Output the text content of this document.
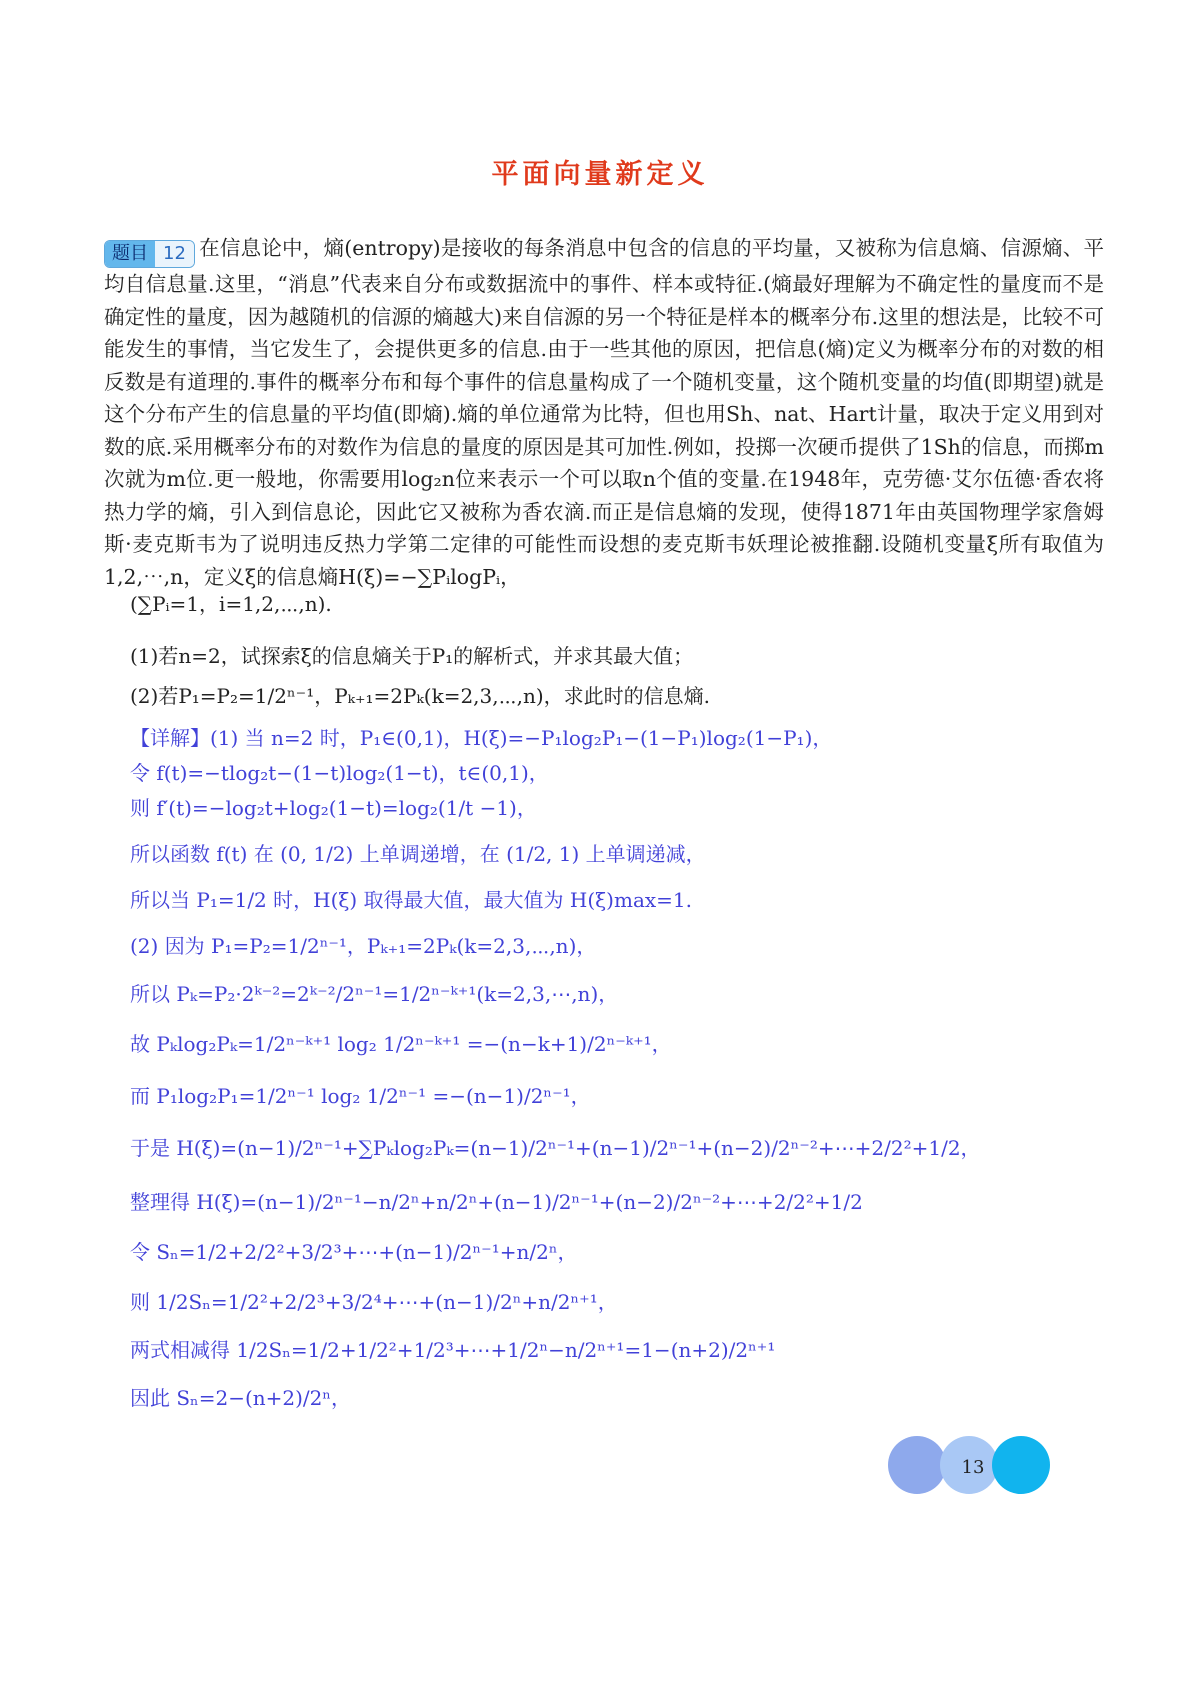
平面向量新定义
题目 12 在信息论中，熵(entropy)是接收的每条消息中包含的信息的平均量，又被称为信息熵、信源熵、平均自信息量.这里，“消息”代表来自分布或数据流中的事件、样本或特征.(熵最好理解为不确定性的量度而不是确定性的量度，因为越随机的信源的熵越大)来自信源的另一个特征是样本的概率分布.这里的想法是，比较不可能发生的事情，当它发生了，会提供更多的信息.由于一些其他的原因，把信息(熵)定义为概率分布的对数的相反数是有道理的.事件的概率分布和每个事件的信息量构成了一个随机变量，这个随机变量的均值(即期望)就是这个分布产生的信息量的平均值(即熵).熵的单位通常为比特，但也用Sh、nat、Hart计量，取决于定义用到对数的底.采用概率分布的对数作为信息的量度的原因是其可加性.例如，投掷一次硬币提供了1Sh的信息，而掷m次就为m位.更一般地，你需要用log₂n位来表示一个可以取n个值的变量.在1948年，克劳德·艾尔伍德·香农将热力学的熵，引入到信息论，因此它又被称为香农滴.而正是信息熵的发现，使得1871年由英国物理学家詹姆斯·麦克斯韦为了说明违反热力学第二定律的可能性而设想的麦克斯韦妖理论被推翻.设随机变量ξ所有取值为1,2,⋯,n，定义ξ的信息熵H(ξ)=−∑PᵢlogPᵢ，
(∑Pᵢ=1，i=1,2,⋯,n).
(1)若n=2，试探索ξ的信息熵关于P₁的解析式，并求其最大值；
(2)若P₁=P₂=1/2ⁿ⁻¹，Pₖ₊₁=2Pₖ(k=2,3,⋯,n)，求此时的信息熵.
【详解】(1) 当 n=2 时，P₁∈(0,1)，H(ξ)=−P₁log₂P₁−(1−P₁)log₂(1−P₁)，
令 f(t)=−tlog₂t−(1−t)log₂(1−t)，t∈(0,1)，
则 f′(t)=−log₂t+log₂(1−t)=log₂(1/t −1)，
所以函数 f(t) 在 (0, 1/2) 上单调递增，在 (1/2, 1) 上单调递减，
所以当 P₁=1/2 时，H(ξ) 取得最大值，最大值为 H(ξ)max=1.
(2) 因为 P₁=P₂=1/2ⁿ⁻¹，Pₖ₊₁=2Pₖ(k=2,3,⋯,n)，
所以 Pₖ=P₂·2ᵏ⁻²=2ᵏ⁻²/2ⁿ⁻¹=1/2ⁿ⁻ᵏ⁺¹(k=2,3,⋯,n)，
故 Pₖlog₂Pₖ=1/2ⁿ⁻ᵏ⁺¹ log₂ 1/2ⁿ⁻ᵏ⁺¹ =−(n−k+1)/2ⁿ⁻ᵏ⁺¹，
而 P₁log₂P₁=1/2ⁿ⁻¹ log₂ 1/2ⁿ⁻¹ =−(n−1)/2ⁿ⁻¹，
于是 H(ξ)=(n−1)/2ⁿ⁻¹+∑Pₖlog₂Pₖ=(n−1)/2ⁿ⁻¹+(n−1)/2ⁿ⁻¹+(n−2)/2ⁿ⁻²+⋯+2/2²+1/2，
整理得 H(ξ)=(n−1)/2ⁿ⁻¹−n/2ⁿ+n/2ⁿ+(n−1)/2ⁿ⁻¹+(n−2)/2ⁿ⁻²+⋯+2/2²+1/2
令 Sₙ=1/2+2/2²+3/2³+⋯+(n−1)/2ⁿ⁻¹+n/2ⁿ，
则 1/2Sₙ=1/2²+2/2³+3/2⁴+⋯+(n−1)/2ⁿ+n/2ⁿ⁺¹，
两式相减得 1/2Sₙ=1/2+1/2²+1/2³+⋯+1/2ⁿ−n/2ⁿ⁺¹=1−(n+2)/2ⁿ⁺¹
因此 Sₙ=2−(n+2)/2ⁿ，
13
